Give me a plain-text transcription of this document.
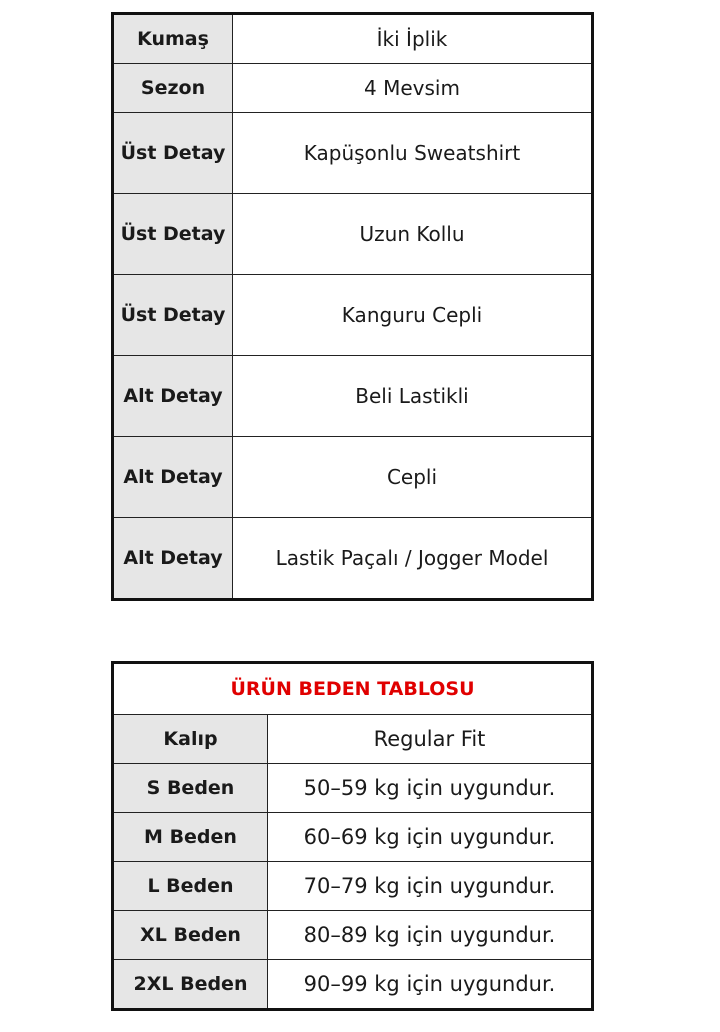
Kumaş	İki İplik
Sezon	4 Mevsim
Üst Detay	Kapüşonlu Sweatshirt
Üst Detay	Uzun Kollu
Üst Detay	Kanguru Cepli
Alt Detay	Beli Lastikli
Alt Detay	Cepli
Alt Detay	Lastik Paçalı / Jogger Model
ÜRÜN BEDEN TABLOSU	
Kalıp	Regular Fit
S Beden	50–59 kg için uygundur.
M Beden	60–69 kg için uygundur.
L Beden	70–79 kg için uygundur.
XL Beden	80–89 kg için uygundur.
2XL Beden	90–99 kg için uygundur.
